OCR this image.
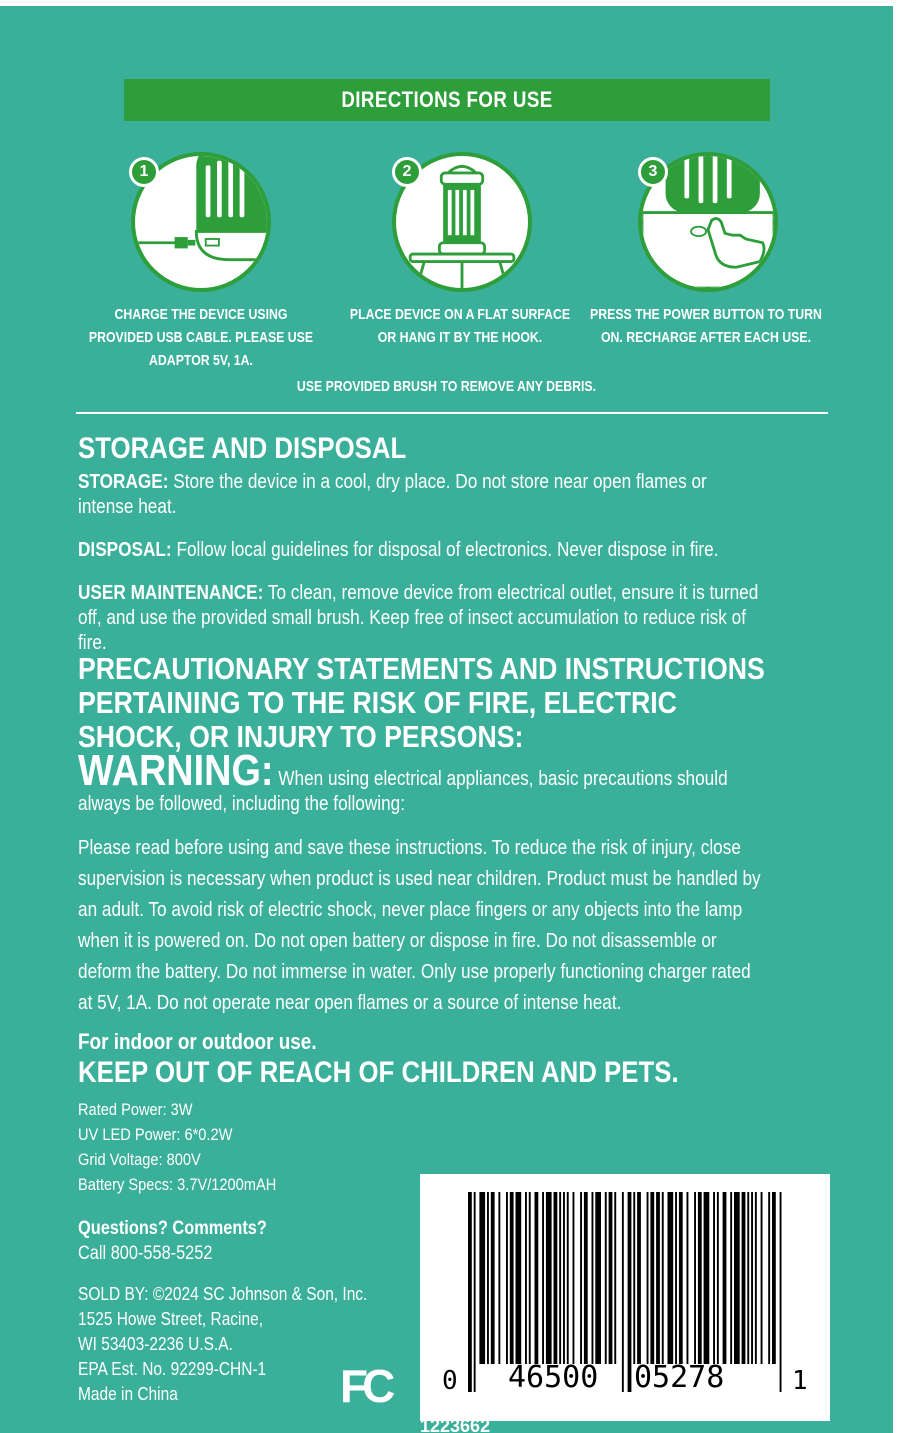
DIRECTIONS FOR USE
1	2	3
CHARGE THE DEVICE USING PROVIDED USB CABLE. PLEASE USE ADAPTOR 5V, 1A.
PLACE DEVICE ON A FLAT SURFACE OR HANG IT BY THE HOOK.
PRESS THE POWER BUTTON TO TURN ON. RECHARGE AFTER EACH USE.
USE PROVIDED BRUSH TO REMOVE ANY DEBRIS.
STORAGE AND DISPOSAL
STORAGE: Store the device in a cool, dry place. Do not store near open flames or intense heat.
DISPOSAL: Follow local guidelines for disposal of electronics. Never dispose in fire.
USER MAINTENANCE: To clean, remove device from electrical outlet, ensure it is turned off, and use the provided small brush. Keep free of insect accumulation to reduce risk of fire.
PRECAUTIONARY STATEMENTS AND INSTRUCTIONS PERTAINING TO THE RISK OF FIRE, ELECTRIC SHOCK, OR INJURY TO PERSONS:
WARNING: When using electrical appliances, basic precautions should always be followed, including the following:
Please read before using and save these instructions. To reduce the risk of injury, close supervision is necessary when product is used near children. Product must be handled by an adult. To avoid risk of electric shock, never place fingers or any objects into the lamp when it is powered on. Do not open battery or dispose in fire. Do not disassemble or deform the battery. Do not immerse in water. Only use properly functioning charger rated at 5V, 1A. Do not operate near open flames or a source of intense heat.
For indoor or outdoor use.
KEEP OUT OF REACH OF CHILDREN AND PETS.
Rated Power: 3W
UV LED Power: 6*0.2W
Grid Voltage: 800V
Battery Specs: 3.7V/1200mAH
Questions? Comments?
Call 800-558-5252
SOLD BY: ©2024 SC Johnson & Son, Inc.
1525 Howe Street, Racine,
WI 53403-2236 U.S.A.
EPA Est. No. 92299-CHN-1
Made in China	FC 0 46500 05278	1
1223662
